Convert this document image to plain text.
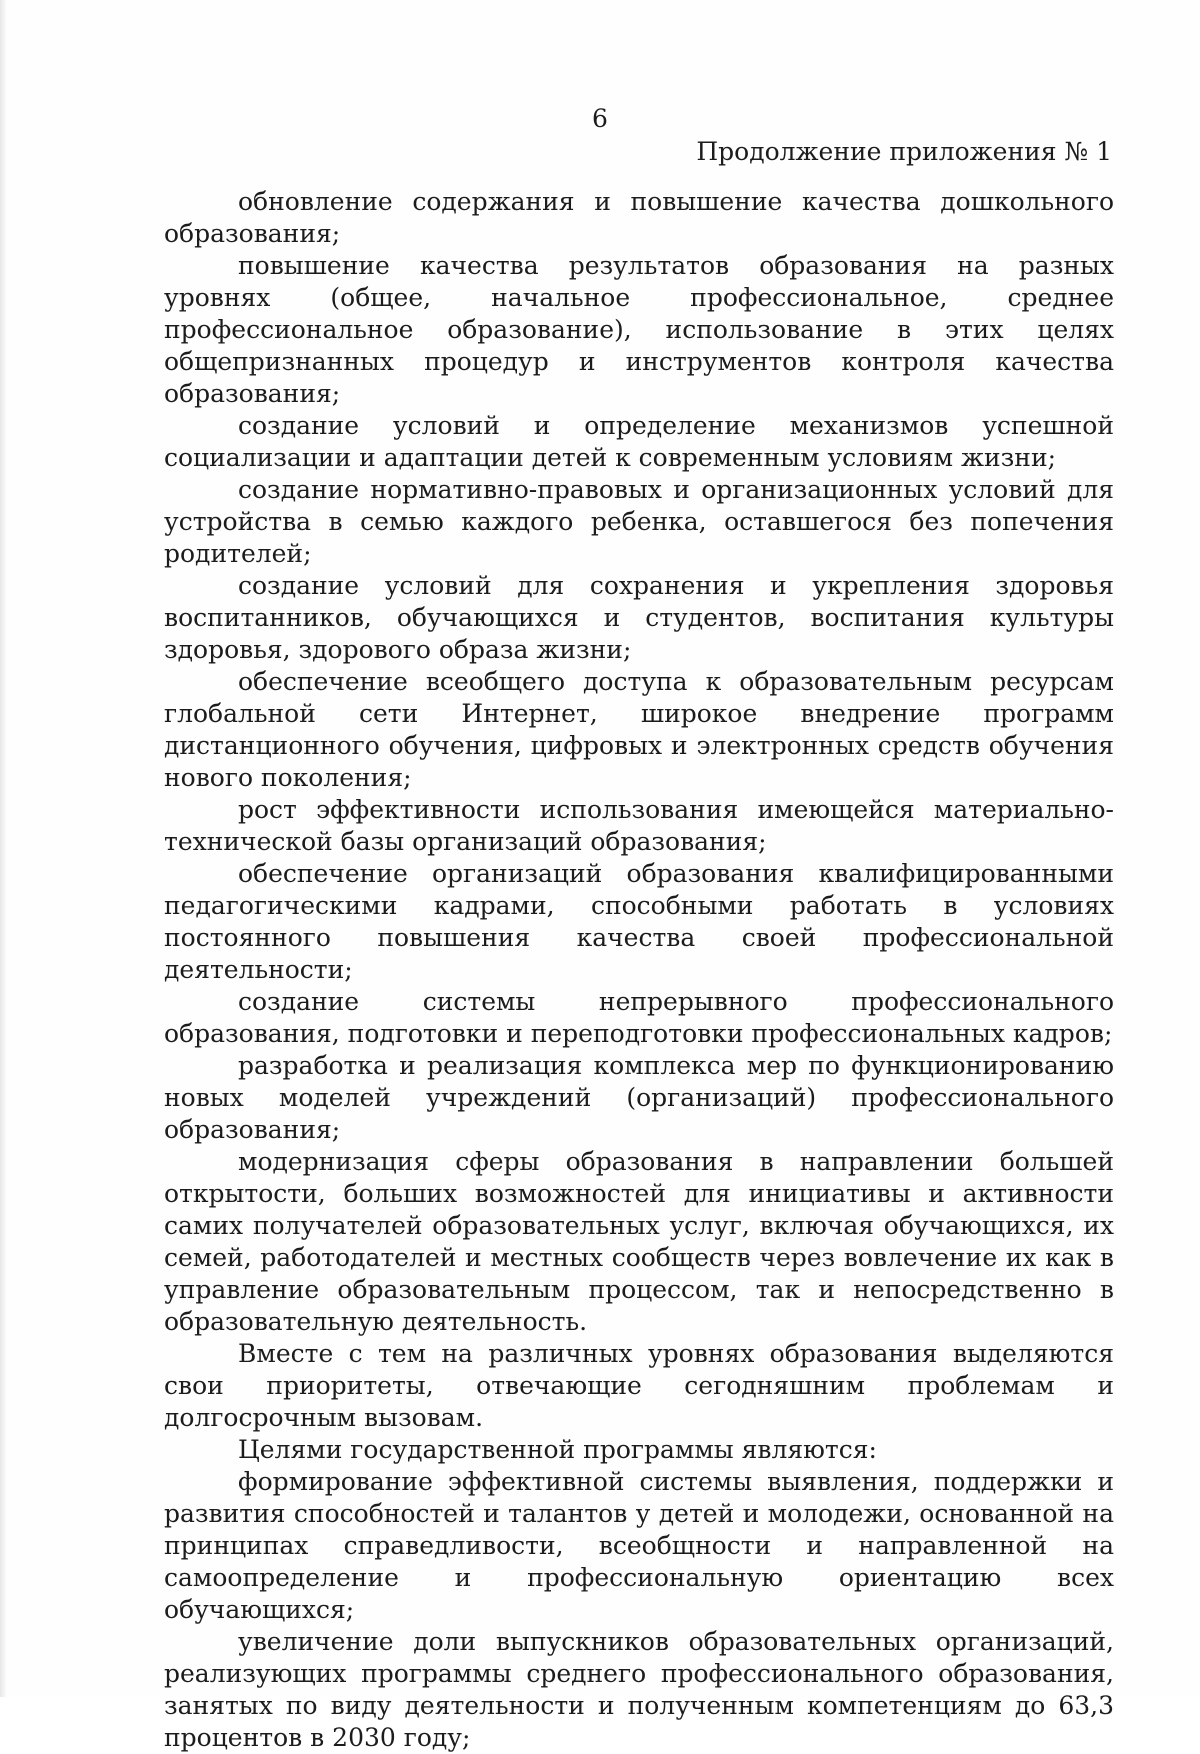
6
Продолжение приложения № 1

обновление содержания и повышение качества дошкольного образования;

повышение качества результатов образования на разных уровнях (общее, начальное профессиональное, среднее профессиональное образование), использование в этих целях общепризнанных процедур и инструментов контроля качества образования;

создание условий и определение механизмов успешной социализации и адаптации детей к современным условиям жизни;

создание нормативно-правовых и организационных условий для устройства в семью каждого ребенка, оставшегося без попечения родителей;

создание условий для сохранения и укрепления здоровья воспитанников, обучающихся и студентов, воспитания культуры здоровья, здорового образа жизни;

обеспечение всеобщего доступа к образовательным ресурсам глобальной сети Интернет, широкое внедрение программ дистанционного обучения, цифровых и электронных средств обучения нового поколения;

рост эффективности использования имеющейся материально-технической базы организаций образования;

обеспечение организаций образования квалифицированными педагогическими кадрами, способными работать в условиях постоянного повышения качества своей профессиональной деятельности;

создание системы непрерывного профессионального образования, подготовки и переподготовки профессиональных кадров;

разработка и реализация комплекса мер по функционированию новых моделей учреждений (организаций) профессионального образования;

модернизация сферы образования в направлении большей открытости, больших возможностей для инициативы и активности самих получателей образовательных услуг, включая обучающихся, их семей, работодателей и местных сообществ через вовлечение их как в управление образовательным процессом, так и непосредственно в образовательную деятельность.

Вместе с тем на различных уровнях образования выделяются свои приоритеты, отвечающие сегодняшним проблемам и долгосрочным вызовам.

Целями государственной программы являются:

формирование эффективной системы выявления, поддержки и развития способностей и талантов у детей и молодежи, основанной на принципах справедливости, всеобщности и направленной на самоопределение и профессиональную ориентацию всех обучающихся;

увеличение доли выпускников образовательных организаций, реализующих программы среднего профессионального образования, занятых по виду деятельности и полученным компетенциям до 63,3 процентов в 2030 году;
